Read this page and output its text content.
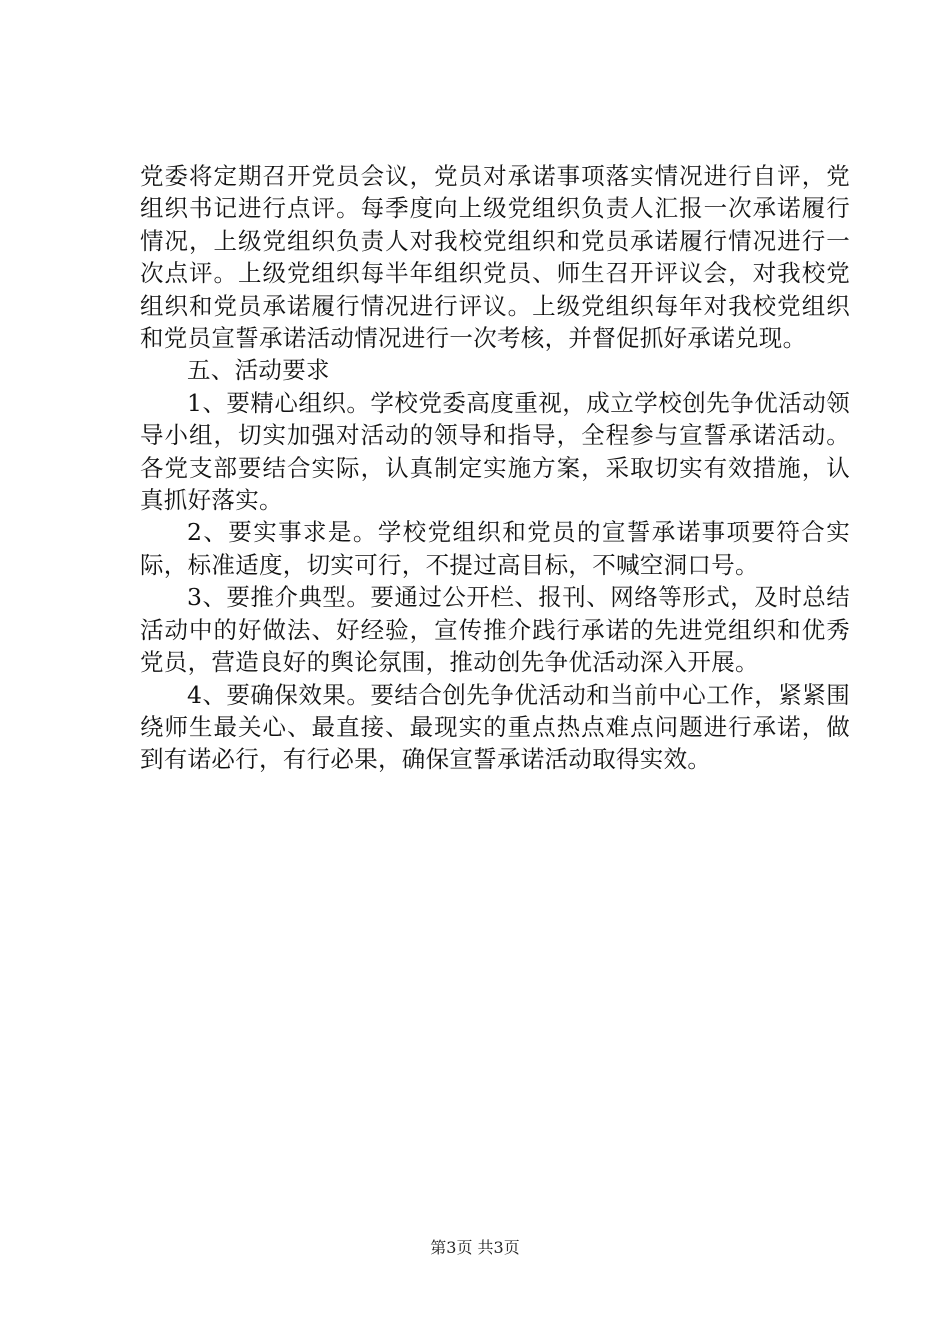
党委将定期召开党员会议，党员对承诺事项落实情况进行自评，党组织书记进行点评。每季度向上级党组织负责人汇报一次承诺履行情况，上级党组织负责人对我校党组织和党员承诺履行情况进行一次点评。上级党组织每半年组织党员、师生召开评议会，对我校党组织和党员承诺履行情况进行评议。上级党组织每年对我校党组织和党员宣誓承诺活动情况进行一次考核，并督促抓好承诺兑现。

五、活动要求

1、要精心组织。学校党委高度重视，成立学校创先争优活动领导小组，切实加强对活动的领导和指导，全程参与宣誓承诺活动。各党支部要结合实际，认真制定实施方案，采取切实有效措施，认真抓好落实。

2、要实事求是。学校党组织和党员的宣誓承诺事项要符合实际，标准适度，切实可行，不提过高目标，不喊空洞口号。

3、要推介典型。要通过公开栏、报刊、网络等形式，及时总结活动中的好做法、好经验，宣传推介践行承诺的先进党组织和优秀党员，营造良好的舆论氛围，推动创先争优活动深入开展。

4、要确保效果。要结合创先争优活动和当前中心工作，紧紧围绕师生最关心、最直接、最现实的重点热点难点问题进行承诺，做到有诺必行，有行必果，确保宣誓承诺活动取得实效。

第3页 共3页
